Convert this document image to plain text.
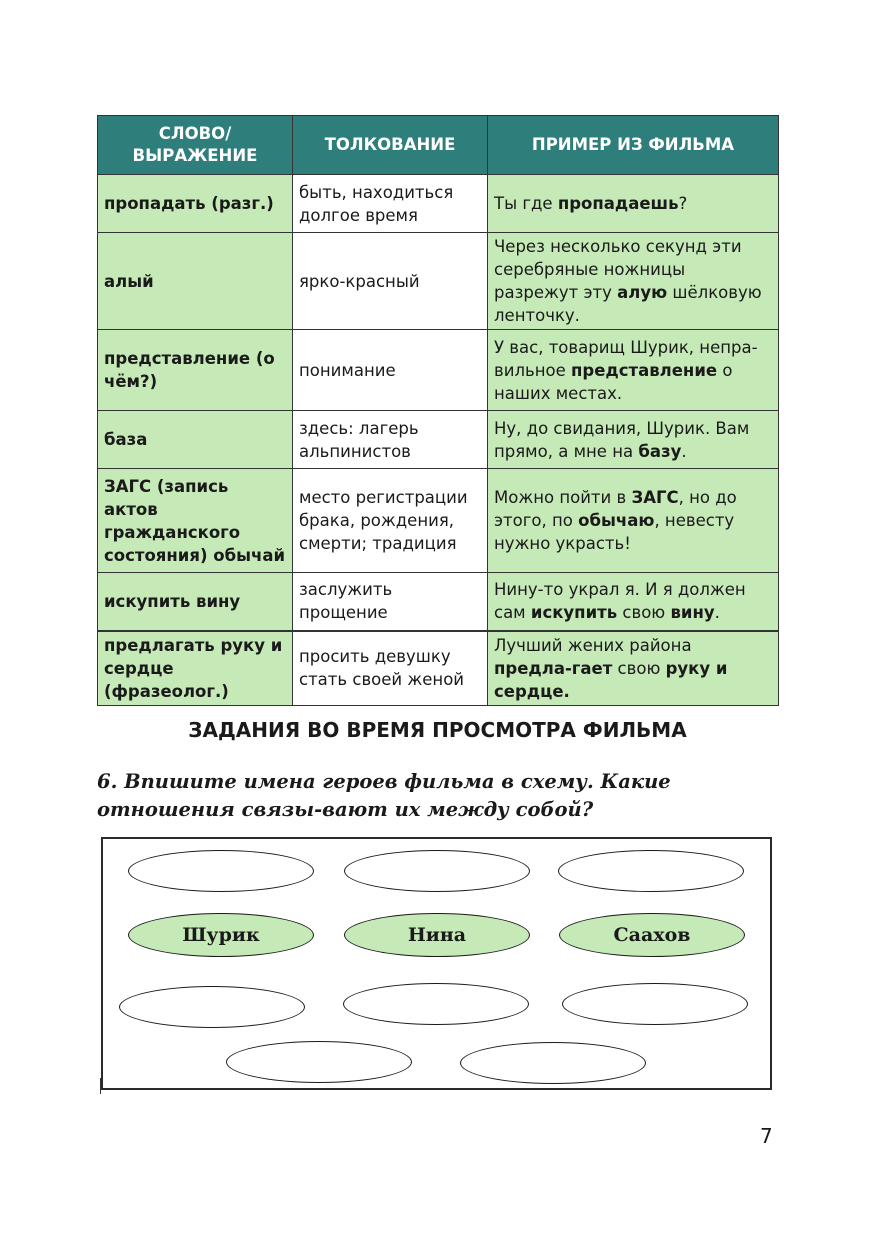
СЛОВО/ ВЫРАЖЕНИЕ	ТОЛКОВАНИЕ	ПРИМЕР ИЗ ФИЛЬМА
пропадать (разг.)	быть, находиться долгое время	Ты где пропадаешь?
алый	ярко-красный	Через несколько секунд эти серебряные ножницы разрежут эту алую шёлковую ленточку.
представление (о чём?)	понимание	У вас, товарищ Шурик, непра-вильное представление о наших местах.
база	здесь: лагерь альпинистов	Ну, до свидания, Шурик. Вам прямо, а мне на базу.
ЗАГС (запись актов гражданского состояния) обычай	место регистрации брака, рождения, смерти; традиция	Можно пойти в ЗАГС, но до этого, по обычаю, невесту нужно украсть!
искупить вину	заслужить прощение	Нину-то украл я. И я должен сам искупить свою вину.
предлагать руку и сердце (фразеолог.)	просить девушку стать своей женой	Лучший жених района предла-гает свою руку и сердце.
ЗАДАНИЯ ВО ВРЕМЯ ПРОСМОТРА ФИЛЬМА
6. Впишите имена героев фильма в схему. Какие отношения связы-вают их между собой?
Шурик	Нина	Саахов
7
